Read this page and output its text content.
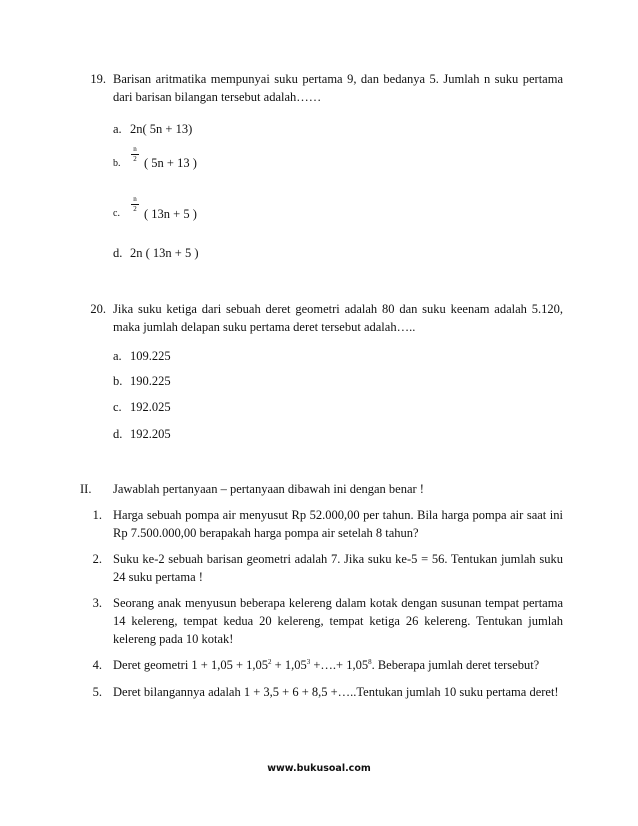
19. Barisan aritmatika mempunyai suku pertama 9, dan bedanya 5. Jumlah n suku pertama
dari barisan bilangan tersebut adalah……
a. 2n( 5n + 13)
b.
n
2 ( 5n + 13 )
c.
n
2 ( 13n + 5 )
d. 2n ( 13n + 5 )
20. Jika suku ketiga dari sebuah deret geometri adalah 80 dan suku keenam adalah 5.120,
maka jumlah delapan suku pertama deret tersebut adalah…..
a. 109.225
b. 190.225
c. 192.025
d. 192.205
II. Jawablah pertanyaan – pertanyaan dibawah ini dengan benar !
1. Harga sebuah pompa air menyusut Rp 52.000,00 per tahun. Bila harga pompa air saat ini
Rp 7.500.000,00 berapakah harga pompa air setelah 8 tahun?
2. Suku ke-2 sebuah barisan geometri adalah 7. Jika suku ke-5 = 56. Tentukan jumlah suku
24 suku pertama !
3. Seorang anak menyusun beberapa kelereng dalam kotak dengan susunan tempat pertama
14 kelereng, tempat kedua 20 kelereng, tempat ketiga 26 kelereng. Tentukan jumlah
kelereng pada 10 kotak!
4. Deret geometri $1 + 1,05 + 1,05^2 + 1,05^3$ +….+ $1,05^8$. Beberapa jumlah deret tersebut?
5. Deret bilangannya adalah 1 + 3,5 + 6 + 8,5 +…..Tentukan jumlah 10 suku pertama deret!
www.bukusoal.com
